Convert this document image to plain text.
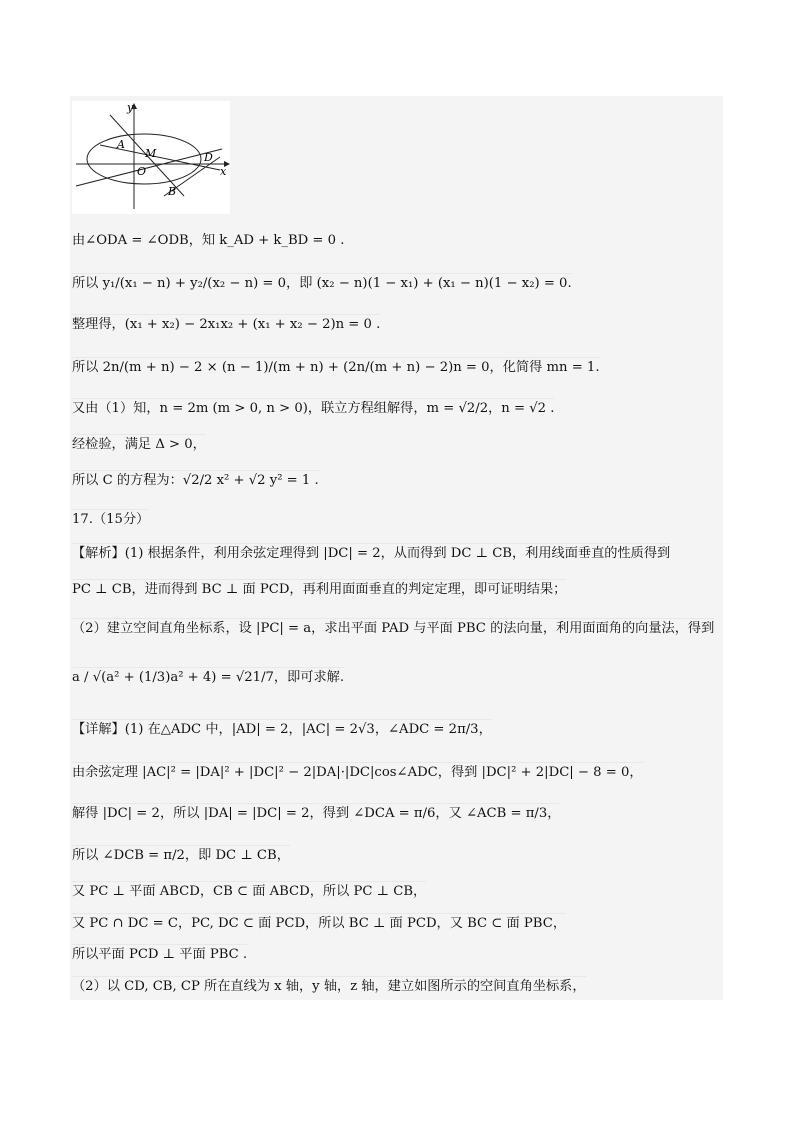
y
x
A
M	D
O
B
由∠ODA = ∠ODB，知 k_AD + k_BD = 0 .
所以 y₁/(x₁ − n) + y₂/(x₂ − n) = 0，即 (x₂ − n)(1 − x₁) + (x₁ − n)(1 − x₂) = 0.
整理得，(x₁ + x₂) − 2x₁x₂ + (x₁ + x₂ − 2)n = 0 .
所以 2n/(m + n) − 2 × (n − 1)/(m + n) + (2n/(m + n) − 2)n = 0，化简得 mn = 1.
又由（1）知，n = 2m (m > 0, n > 0)，联立方程组解得，m = √2/2，n = √2 .
经检验，满足 Δ > 0，
所以 C 的方程为：√2/2 x² + √2 y² = 1 .
17.（15分）
【解析】(1) 根据条件，利用余弦定理得到 |DC| = 2，从而得到 DC ⊥ CB，利用线面垂直的性质得到
PC ⊥ CB，进而得到 BC ⊥ 面 PCD，再利用面面垂直的判定定理，即可证明结果；
（2）建立空间直角坐标系，设 |PC| = a，求出平面 PAD 与平面 PBC 的法向量，利用面面角的向量法，得到
a / √(a² + (1/3)a² + 4) = √21/7，即可求解.
【详解】(1) 在△ADC 中，|AD| = 2，|AC| = 2√3，∠ADC = 2π/3，
由余弦定理 |AC|² = |DA|² + |DC|² − 2|DA|·|DC|cos∠ADC，得到 |DC|² + 2|DC| − 8 = 0，
解得 |DC| = 2，所以 |DA| = |DC| = 2，得到 ∠DCA = π/6，又 ∠ACB = π/3，
所以 ∠DCB = π/2，即 DC ⊥ CB，
又 PC ⊥ 平面 ABCD，CB ⊂ 面 ABCD，所以 PC ⊥ CB，
又 PC ∩ DC = C，PC, DC ⊂ 面 PCD，所以 BC ⊥ 面 PCD，又 BC ⊂ 面 PBC，
所以平面 PCD ⊥ 平面 PBC .
（2）以 CD, CB, CP 所在直线为 x 轴，y 轴，z 轴，建立如图所示的空间直角坐标系，
